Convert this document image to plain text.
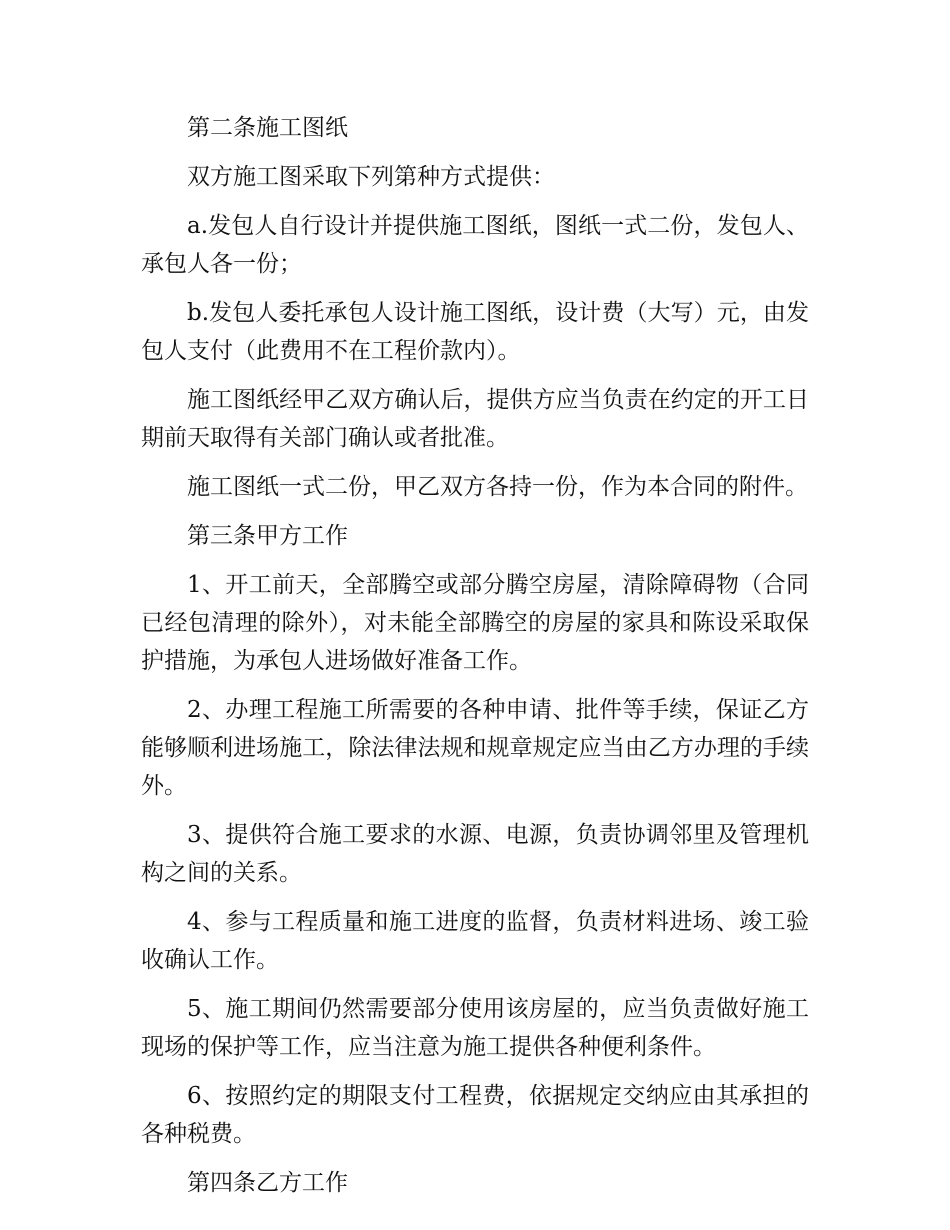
第二条施工图纸

双方施工图采取下列第种方式提供：

a.发包人自行设计并提供施工图纸，图纸一式二份，发包人、承包人各一份；

b.发包人委托承包人设计施工图纸，设计费（大写）元，由发包人支付（此费用不在工程价款内）。

施工图纸经甲乙双方确认后，提供方应当负责在约定的开工日期前天取得有关部门确认或者批准。

施工图纸一式二份，甲乙双方各持一份，作为本合同的附件。

第三条甲方工作

1、开工前天，全部腾空或部分腾空房屋，清除障碍物（合同已经包清理的除外），对未能全部腾空的房屋的家具和陈设采取保护措施，为承包人进场做好准备工作。

2、办理工程施工所需要的各种申请、批件等手续，保证乙方能够顺利进场施工，除法律法规和规章规定应当由乙方办理的手续外。

3、提供符合施工要求的水源、电源，负责协调邻里及管理机构之间的关系。

4、参与工程质量和施工进度的监督，负责材料进场、竣工验收确认工作。

5、施工期间仍然需要部分使用该房屋的，应当负责做好施工现场的保护等工作，应当注意为施工提供各种便利条件。

6、按照约定的期限支付工程费，依据规定交纳应由其承担的各种税费。

第四条乙方工作
